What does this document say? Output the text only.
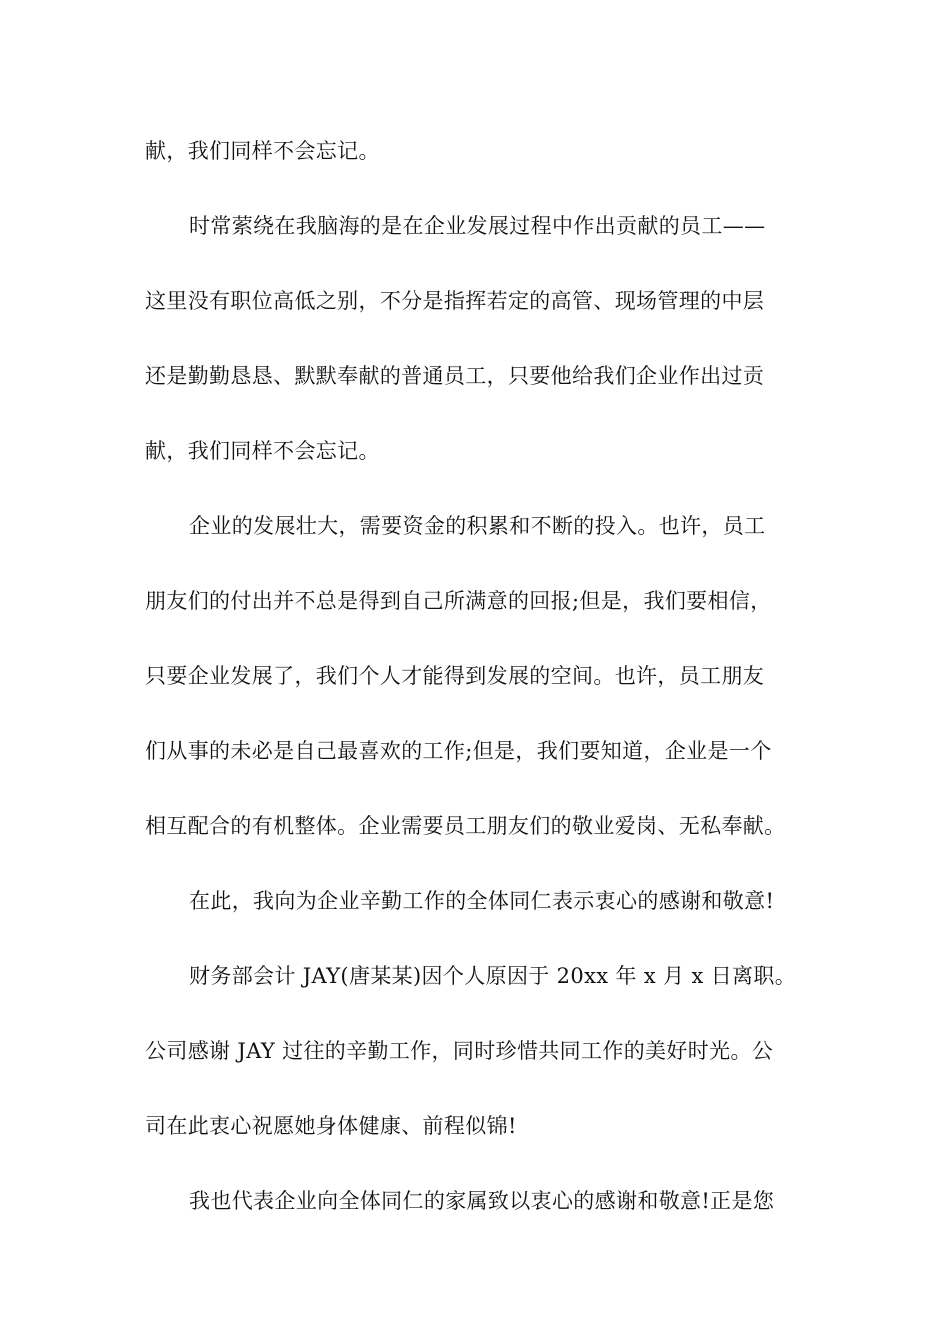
献，我们同样不会忘记。
时常萦绕在我脑海的是在企业发展过程中作出贡献的员工——
这里没有职位高低之别，不分是指挥若定的高管、现场管理的中层
还是勤勤恳恳、默默奉献的普通员工，只要他给我们企业作出过贡
献，我们同样不会忘记。
企业的发展壮大，需要资金的积累和不断的投入。也许，员工
朋友们的付出并不总是得到自己所满意的回报;但是，我们要相信，
只要企业发展了，我们个人才能得到发展的空间。也许，员工朋友
们从事的未必是自己最喜欢的工作;但是，我们要知道，企业是一个
相互配合的有机整体。企业需要员工朋友们的敬业爱岗、无私奉献。
在此，我向为企业辛勤工作的全体同仁表示衷心的感谢和敬意!
财务部会计 JAY(唐某某)因个人原因于 20xx 年 x 月 x 日离职。
公司感谢 JAY 过往的辛勤工作，同时珍惜共同工作的美好时光。公
司在此衷心祝愿她身体健康、前程似锦!
我也代表企业向全体同仁的家属致以衷心的感谢和敬意!正是您
